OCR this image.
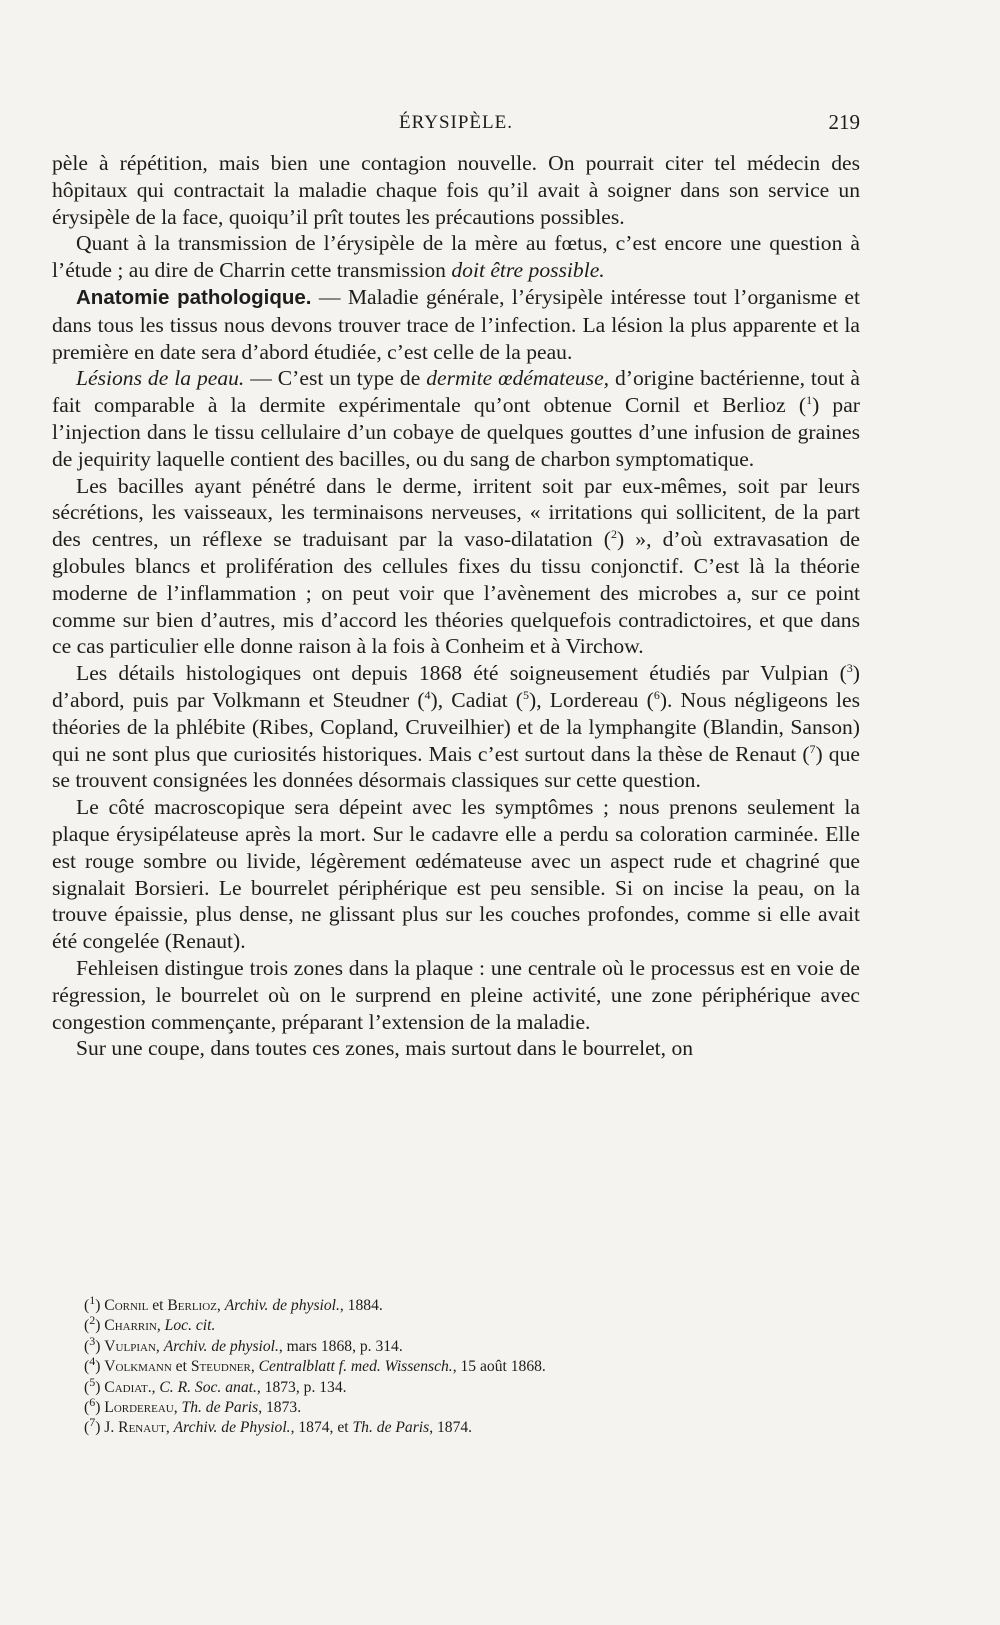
ÉRYSIPÈLE.	219

pèle à répétition, mais bien une contagion nouvelle. On pourrait citer tel médecin des hôpitaux qui contractait la maladie chaque fois qu’il avait à soigner dans son service un érysipèle de la face, quoiqu’il prît toutes les précautions possibles.

Quant à la transmission de l’érysipèle de la mère au fœtus, c’est encore une question à l’étude ; au dire de Charrin cette transmission doit être possible.

Anatomie pathologique. — Maladie générale, l’érysipèle intéresse tout l’organisme et dans tous les tissus nous devons trouver trace de l’infection. La lésion la plus apparente et la première en date sera d’abord étudiée, c’est celle de la peau.

Lésions de la peau. — C’est un type de dermite œdémateuse, d’origine bactérienne, tout à fait comparable à la dermite expérimentale qu’ont obtenue Cornil et Berlioz ($^1$) par l’injection dans le tissu cellulaire d’un cobaye de quelques gouttes d’une infusion de graines de jequirity laquelle contient des bacilles, ou du sang de charbon symptomatique.

Les bacilles ayant pénétré dans le derme, irritent soit par eux-mêmes, soit par leurs sécrétions, les vaisseaux, les terminaisons nerveuses, « irritations qui sollicitent, de la part des centres, un réflexe se traduisant par la vaso-dilatation ($^2$) », d’où extravasation de globules blancs et prolifération des cellules fixes du tissu conjonctif. C’est là la théorie moderne de l’inflammation ; on peut voir que l’avènement des microbes a, sur ce point comme sur bien d’autres, mis d’accord les théories quelquefois contradictoires, et que dans ce cas particulier elle donne raison à la fois à Conheim et à Virchow.

Les détails histologiques ont depuis 1868 été soigneusement étudiés par Vulpian ($^3$) d’abord, puis par Volkmann et Steudner ($^4$), Cadiat ($^5$), Lordereau ($^6$). Nous négligeons les théories de la phlébite (Ribes, Copland, Cruveilhier) et de la lymphangite (Blandin, Sanson) qui ne sont plus que curiosités historiques. Mais c’est surtout dans la thèse de Renaut ($^7$) que se trouvent consignées les données désormais classiques sur cette question.

Le côté macroscopique sera dépeint avec les symptômes ; nous prenons seulement la plaque érysipélateuse après la mort. Sur le cadavre elle a perdu sa coloration carminée. Elle est rouge sombre ou livide, légèrement œdémateuse avec un aspect rude et chagriné que signalait Borsieri. Le bourrelet périphérique est peu sensible. Si on incise la peau, on la trouve épaissie, plus dense, ne glissant plus sur les couches profondes, comme si elle avait été congelée (Renaut).

Fehleisen distingue trois zones dans la plaque : une centrale où le processus est en voie de régression, le bourrelet où on le surprend en pleine activité, une zone périphérique avec congestion commençante, préparant l’extension de la maladie.

Sur une coupe, dans toutes ces zones, mais surtout dans le bourrelet, on

($^1$) Cornil et Berlioz, Archiv. de physiol., 1884.
($^2$) Charrin, Loc. cit.
($^3$) Vulpian, Archiv. de physiol., mars 1868, p. 314.
($^4$) Volkmann et Steudner, Centralblatt f. med. Wissensch., 15 août 1868.
($^5$) Cadiat., C. R. Soc. anat., 1873, p. 134.
($^6$) Lordereau, Th. de Paris, 1873.
($^7$) J. Renaut, Archiv. de Physiol., 1874, et Th. de Paris, 1874.
